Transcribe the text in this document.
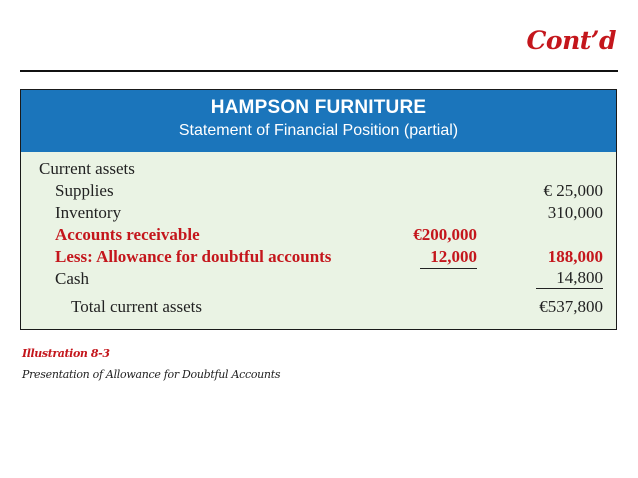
Cont’d
HAMPSON FURNITURE
Statement of Financial Position (partial)
Current assets
Supplies	€ 25,000
Inventory	310,000
Accounts receivable	€200,000
Less: Allowance for doubtful accounts	12,000	188,000
Cash	14,800
Total current assets	€537,800
Illustration 8-3
Presentation of Allowance for Doubtful Accounts
